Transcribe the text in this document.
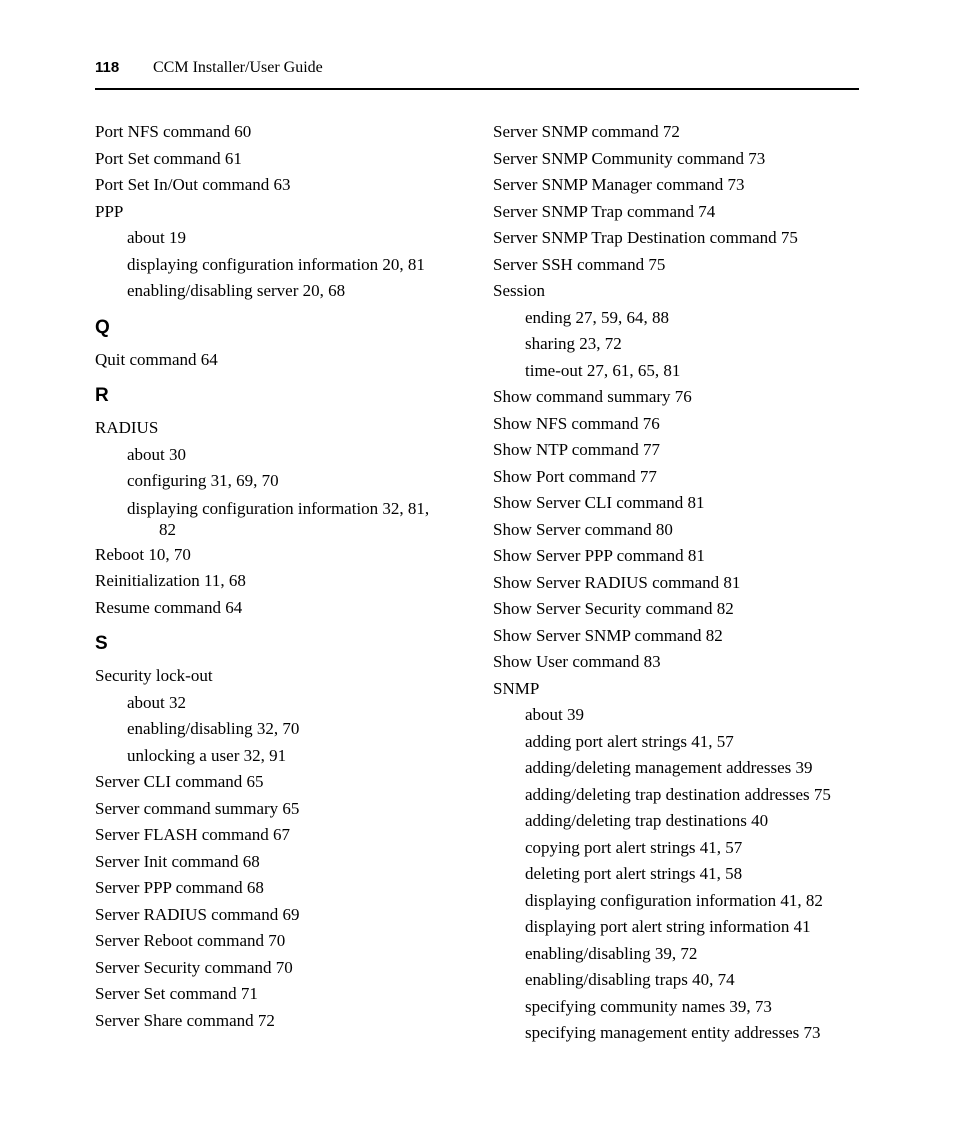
118 CCM Installer/User Guide
Port NFS command 60
Port Set command 61
Port Set In/Out command 63
PPP
about 19
displaying configuration information 20, 81
enabling/disabling server 20, 68
Q
Quit command 64
R
RADIUS
about 30
configuring 31, 69, 70
displaying configuration information 32, 81,
82
Reboot 10, 70
Reinitialization 11, 68
Resume command 64
S
Security lock-out
about 32
enabling/disabling 32, 70
unlocking a user 32, 91
Server CLI command 65
Server command summary 65
Server FLASH command 67
Server Init command 68
Server PPP command 68
Server RADIUS command 69
Server Reboot command 70
Server Security command 70
Server Set command 71
Server Share command 72
Server SNMP command 72
Server SNMP Community command 73
Server SNMP Manager command 73
Server SNMP Trap command 74
Server SNMP Trap Destination command 75
Server SSH command 75
Session
ending 27, 59, 64, 88
sharing 23, 72
time-out 27, 61, 65, 81
Show command summary 76
Show NFS command 76
Show NTP command 77
Show Port command 77
Show Server CLI command 81
Show Server command 80
Show Server PPP command 81
Show Server RADIUS command 81
Show Server Security command 82
Show Server SNMP command 82
Show User command 83
SNMP
about 39
adding port alert strings 41, 57
adding/deleting management addresses 39
adding/deleting trap destination addresses 75
adding/deleting trap destinations 40
copying port alert strings 41, 57
deleting port alert strings 41, 58
displaying configuration information 41, 82
displaying port alert string information 41
enabling/disabling 39, 72
enabling/disabling traps 40, 74
specifying community names 39, 73
specifying management entity addresses 73
